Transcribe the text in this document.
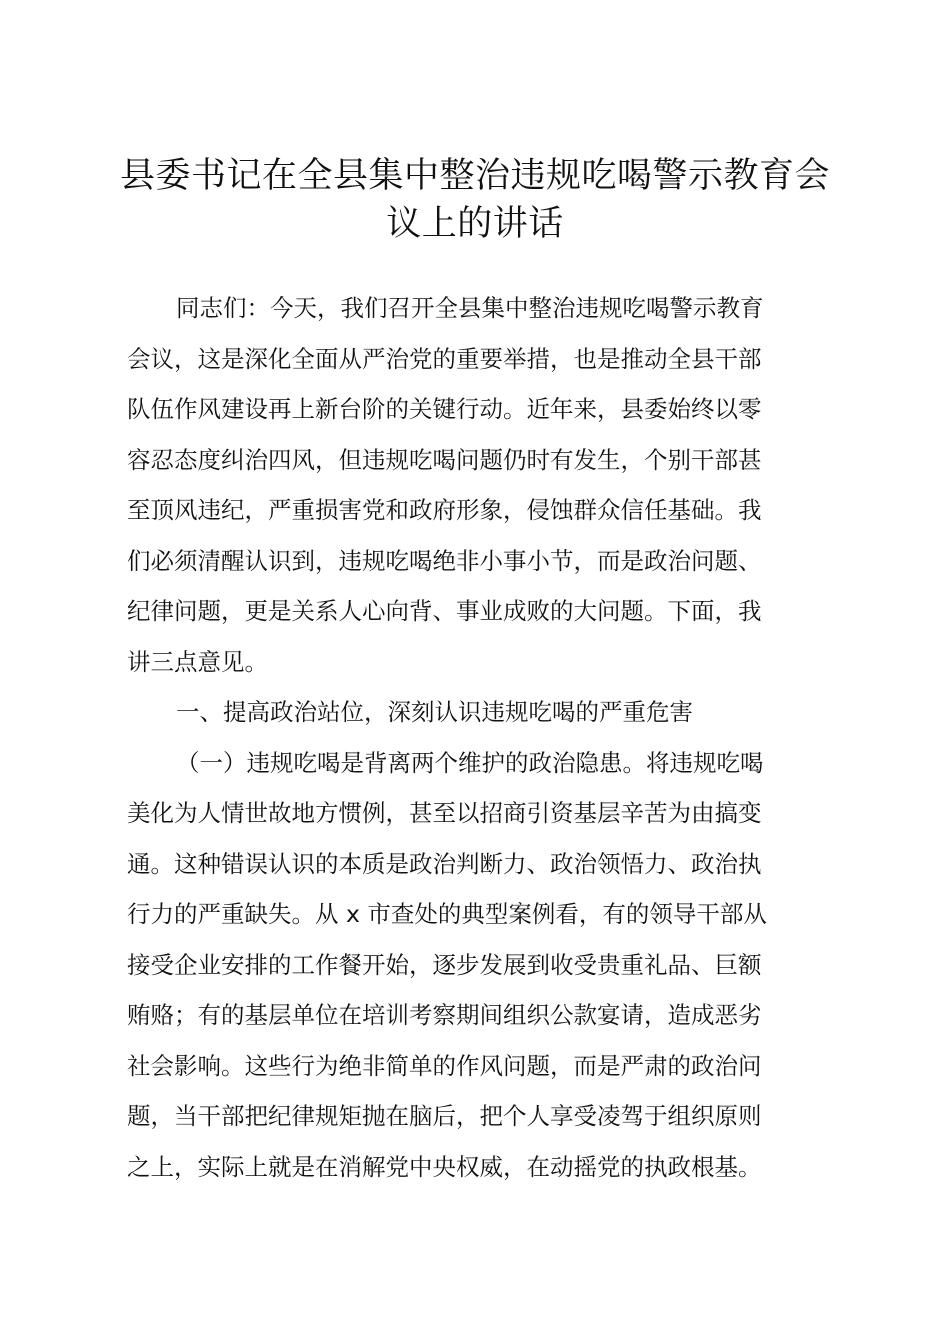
县委书记在全县集中整治违规吃喝警示教育会
议上的讲话
同志们：今天，我们召开全县集中整治违规吃喝警示教育
会议，这是深化全面从严治党的重要举措，也是推动全县干部
队伍作风建设再上新台阶的关键行动。近年来，县委始终以零
容忍态度纠治四风，但违规吃喝问题仍时有发生，个别干部甚
至顶风违纪，严重损害党和政府形象，侵蚀群众信任基础。我
们必须清醒认识到，违规吃喝绝非小事小节，而是政治问题、
纪律问题，更是关系人心向背、事业成败的大问题。下面，我
讲三点意见。
一、提高政治站位，深刻认识违规吃喝的严重危害
（一）违规吃喝是背离两个维护的政治隐患。将违规吃喝
美化为人情世故地方惯例，甚至以招商引资基层辛苦为由搞变
通。这种错误认识的本质是政治判断力、政治领悟力、政治执
行力的严重缺失。从 x 市查处的典型案例看，有的领导干部从
接受企业安排的工作餐开始，逐步发展到收受贵重礼品、巨额
贿赂；有的基层单位在培训考察期间组织公款宴请，造成恶劣
社会影响。这些行为绝非简单的作风问题，而是严肃的政治问
题，当干部把纪律规矩抛在脑后，把个人享受凌驾于组织原则
之上，实际上就是在消解党中央权威，在动摇党的执政根基。
